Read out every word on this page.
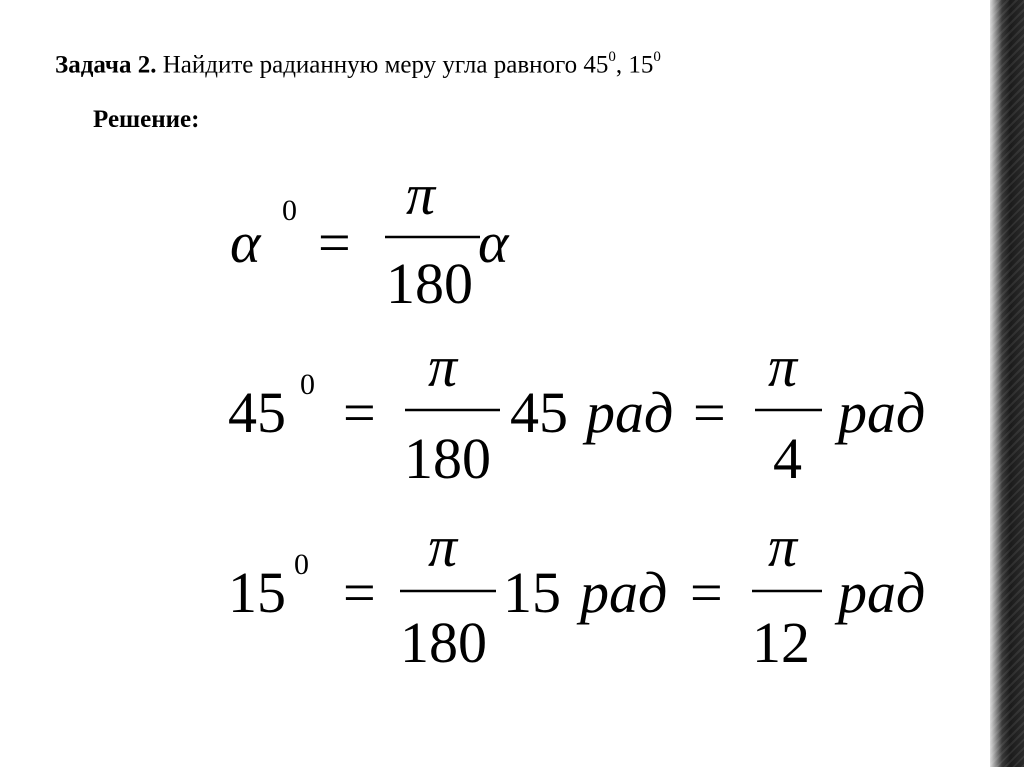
Задача 2. Найдите радианную меру угла равного $45^0$, $15^0$
Решение:
α 0 =
π
180
α
45 0 =
π
180
45 рад =
π
4
рад
15 0 =
π
180
15 рад =
π
12
рад
